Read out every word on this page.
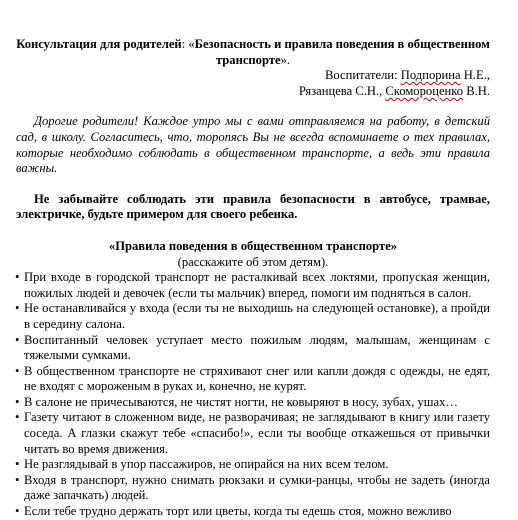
Консультация для родителей: «Безопасность и правила поведения в общественном транспорте».

Воспитатели: Подпорина Н.Е.,

Рязанцева С.Н., Скомороценко В.Н.

Дорогие родители! Каждое утро мы с вами отправляемся на работу, в детский сад, в школу. Согласитесь, что, торопясь Вы не всегда вспоминаете о тех правилах, которые необходимо соблюдать в общественном транспорте, а ведь эти правила важны.

Не забывайте соблюдать эти правила безопасности в автобусе, трамвае, электричке, будьте примером для своего ребенка.

«Правила поведения в общественном транспорте»

(расскажите об этом детям).

• При входе в городской транспорт не расталкивай всех локтями, пропуская женщин, пожилых людей и девочек (если ты мальчик) вперед, помоги им подняться в салон.
• Не останавливайся у входа (если ты не выходишь на следующей остановке), а пройди в середину салона.
• Воспитанный человек уступает место пожилым людям, малышам, женщинам с тяжелыми сумками.
• В общественном транспорте не стряхивают снег или капли дождя с одежды, не едят, не входят с мороженым в руках и, конечно, не курят.
• В салоне не причесываются, не чистят ногти, не ковыряют в носу, зубах, ушах…
• Газету читают в сложенном виде, не разворачивая; не заглядывают в книгу или газету соседа. А глазки скажут тебе «спасибо!», если ты вообще откажешься от привычки читать во время движения.
• Не разглядывай в упор пассажиров, не опирайся на них всем телом.
• Входя в транспорт, нужно снимать рюкзаки и сумки-ранцы, чтобы не задеть (иногда даже запачкать) людей.
• Если тебе трудно держать торт или цветы, когда ты едешь стоя, можно вежливо
